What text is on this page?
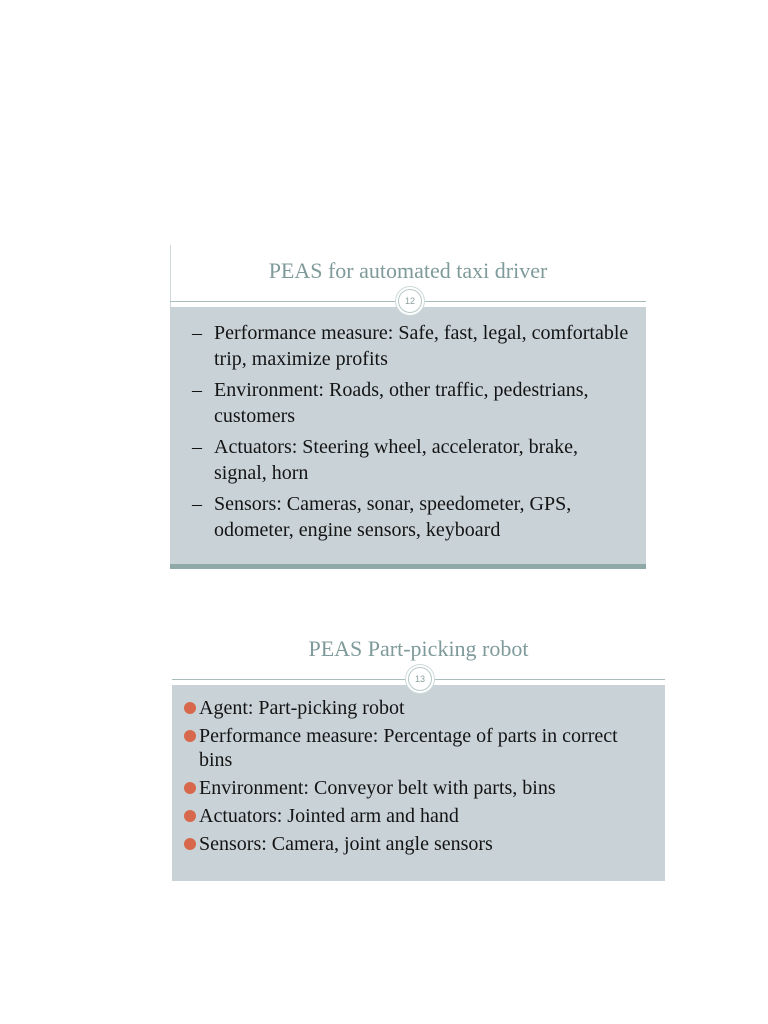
PEAS for automated taxi driver
12
– Performance measure: Safe, fast, legal, comfortable trip, maximize profits
– Environment: Roads, other traffic, pedestrians, customers
– Actuators: Steering wheel, accelerator, brake, signal, horn
– Sensors: Cameras, sonar, speedometer, GPS, odometer, engine sensors, keyboard
PEAS Part-picking robot
13
Agent: Part-picking robot
Performance measure: Percentage of parts in correct bins
Environment: Conveyor belt with parts, bins
Actuators: Jointed arm and hand
Sensors: Camera, joint angle sensors
